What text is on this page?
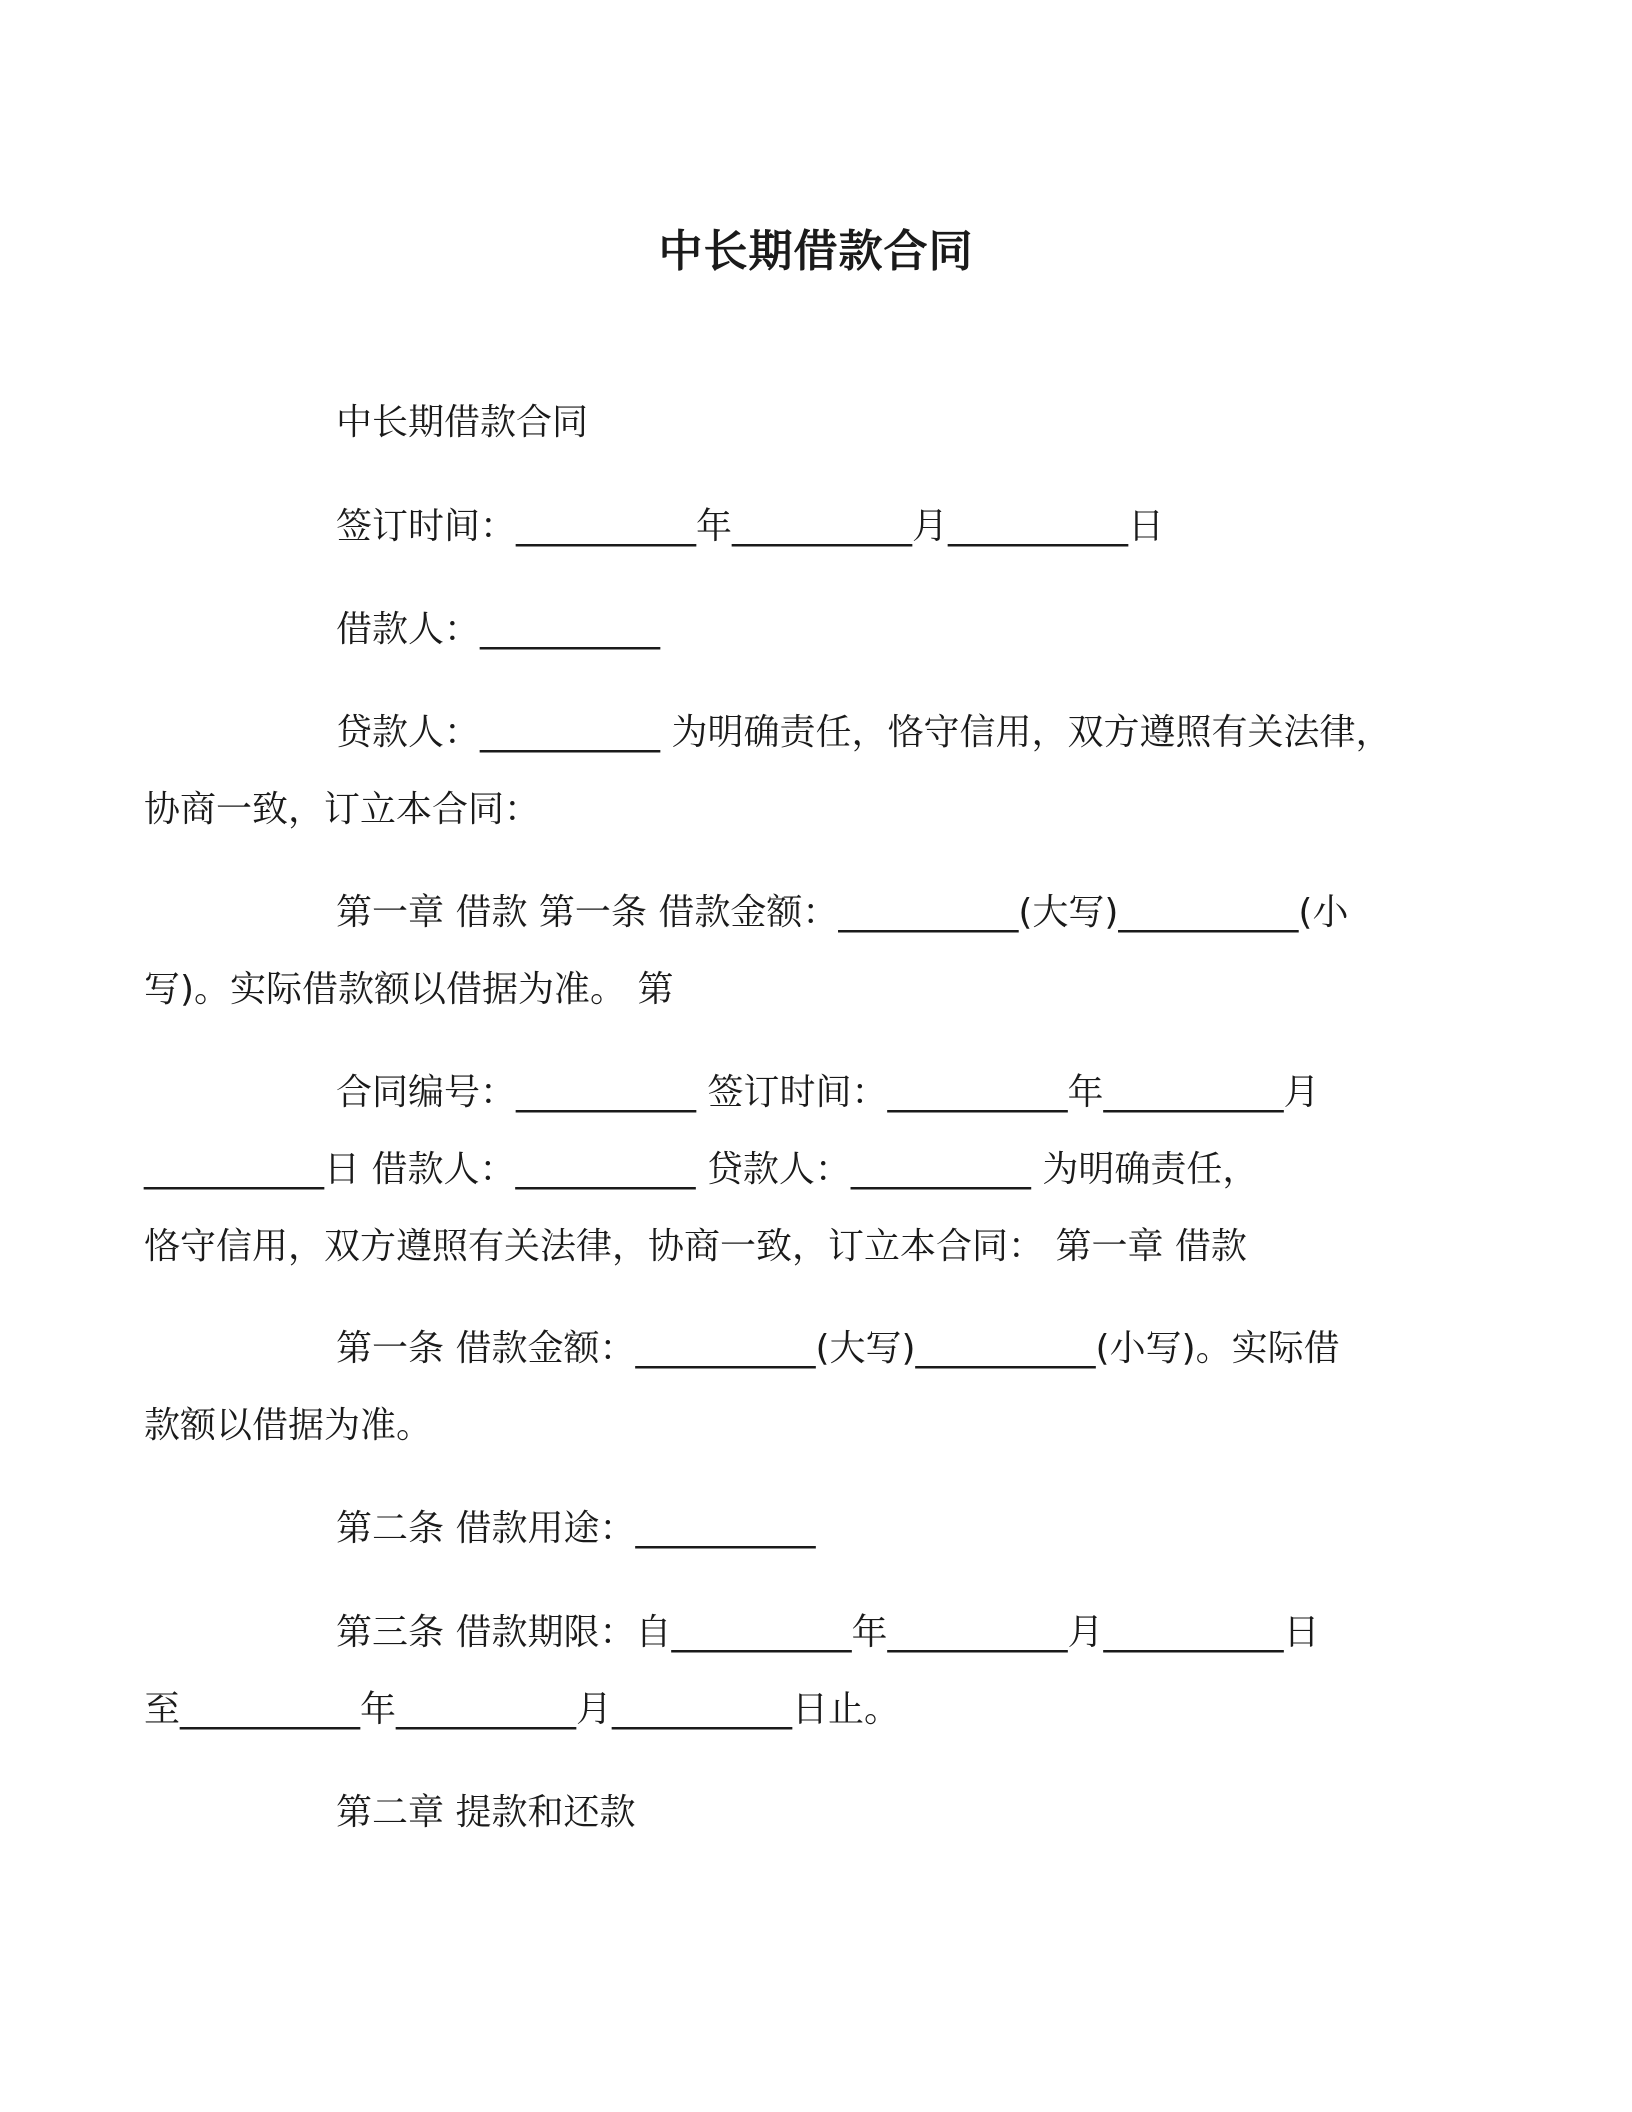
中长期借款合同
中长期借款合同
签订时间：__________年__________月__________日
借款人：__________
贷款人：__________ 为明确责任，恪守信用，双方遵照有关法律，
协商一致，订立本合同：
第一章 借款 第一条 借款金额：__________(大写)__________(小
写)。实际借款额以借据为准。 第
合同编号：__________ 签订时间：__________年__________月
__________日 借款人：__________ 贷款人：__________ 为明确责任，
恪守信用，双方遵照有关法律，协商一致，订立本合同： 第一章 借款
第一条 借款金额：__________(大写)__________(小写)。实际借
款额以借据为准。
第二条 借款用途：__________
第三条 借款期限：自__________年__________月__________日
至__________年__________月__________日止。
第二章 提款和还款
